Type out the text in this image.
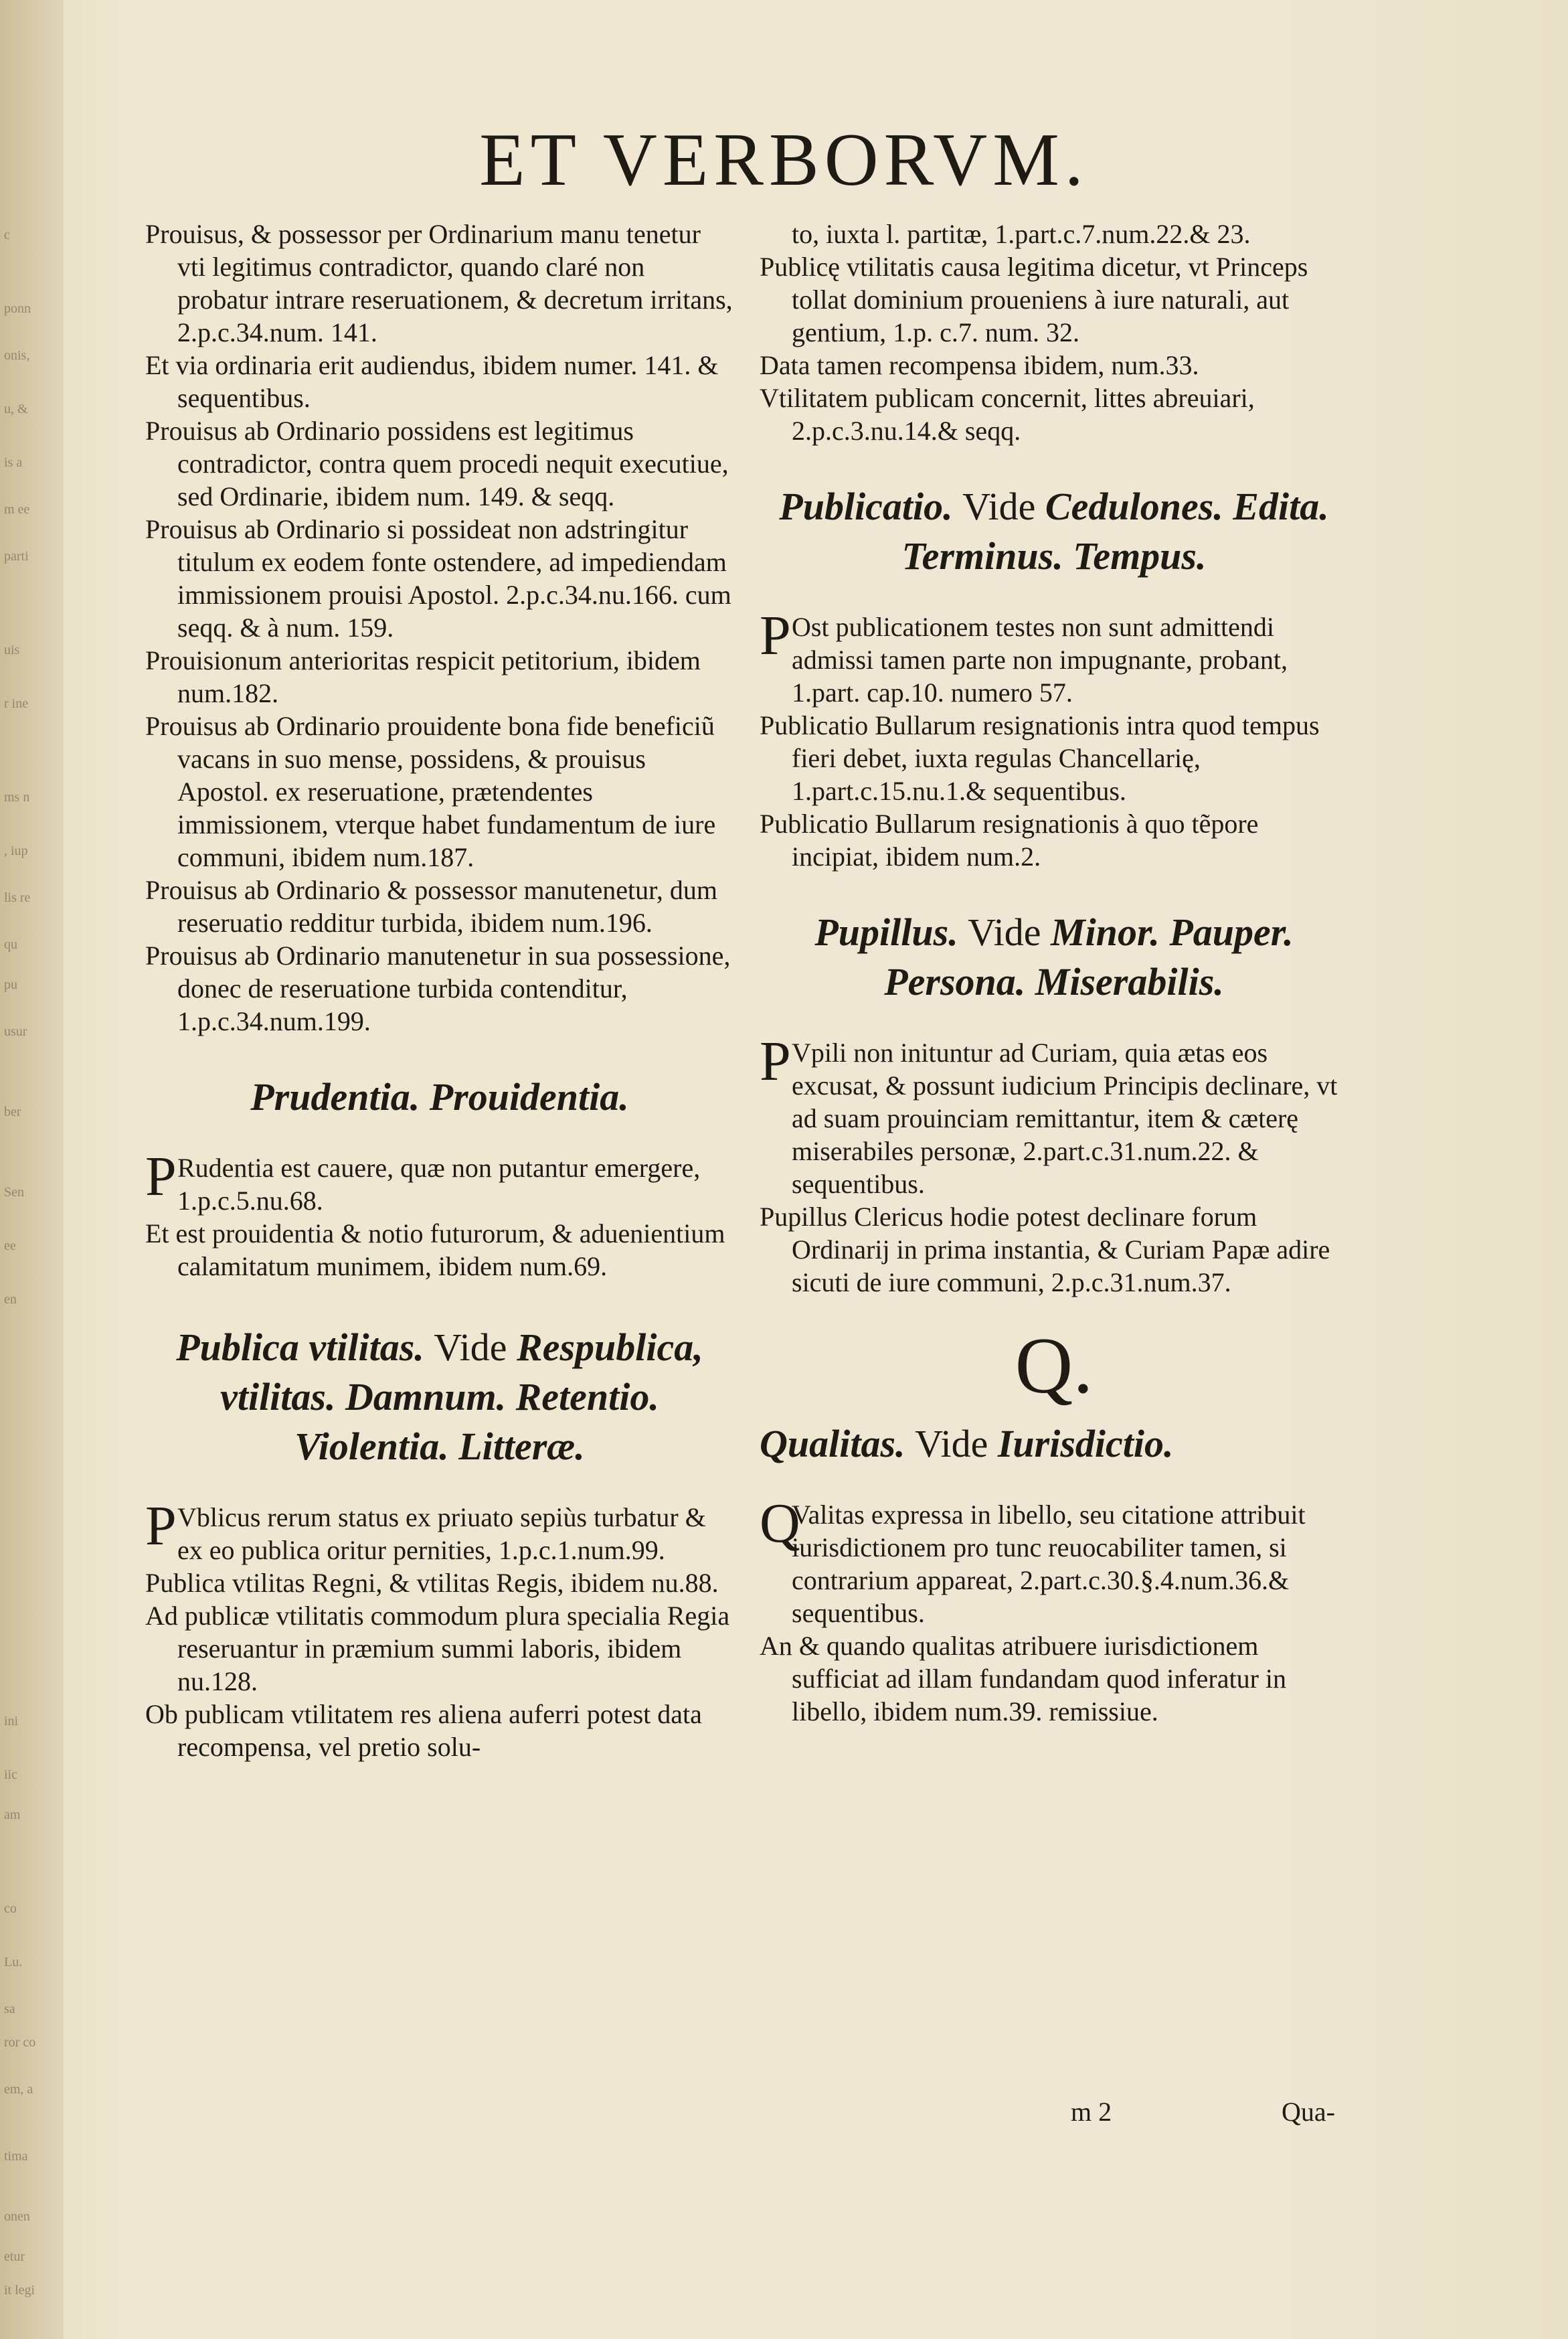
c
ponn
onis,
u, &
is a
m ee
parti
uis
r ine
ms n
, iup
lis re
qu
pu
usur
ber
Sen
ee
en
ini
iic
am
co
Lu.
sa
ror co
em, a
tima
onen
etur
it legi
ET VERBORVM.

Prouisus, & possessor per Ordinarium manu tenetur vti legitimus contradictor, quando claré non probatur intrare reseruationem, & decretum irritans, 2.p.c.34.num. 141.

Et via ordinaria erit audiendus, ibidem numer. 141. & sequentibus.

Prouisus ab Ordinario possidens est legitimus contradictor, contra quem procedi nequit executiue, sed Ordinarie, ibidem num. 149. & seqq.

Prouisus ab Ordinario si possideat non adstringitur titulum ex eodem fonte ostendere, ad impediendam immissionem prouisi Apostol. 2.p.c.34.nu.166. cum seqq. & à num. 159.

Prouisionum anterioritas respicit petitorium, ibidem num.182.

Prouisus ab Ordinario prouidente bona fide beneficiũ vacans in suo mense, possidens, & prouisus Apostol. ex reseruatione, prætendentes immissionem, vterque habet fundamentum de iure communi, ibidem num.187.

Prouisus ab Ordinario & possessor manutenetur, dum reseruatio redditur turbida, ibidem num.196.

Prouisus ab Ordinario manutenetur in sua possessione, donec de reseruatione turbida contenditur, 1.p.c.34.num.199.

Prudentia. Prouidentia.

P Rudentia est cauere, quæ non putantur emergere, 1.p.c.5.nu.68.

Et est prouidentia & notio futurorum, & aduenientium calamitatum munimem, ibidem num.69.

Publica vtilitas. Vide Respublica, vtilitas. Damnum. Retentio. Violentia. Litteræ.

P Vblicus rerum status ex priuato sepiùs turbatur & ex eo publica oritur pernities, 1.p.c.1.num.99.

Publica vtilitas Regni, & vtilitas Regis, ibidem nu.88.

Ad publicæ vtilitatis commodum plura specialia Regia reseruantur in præmium summi laboris, ibidem nu.128.

Ob publicam vtilitatem res aliena auferri potest data recompensa, vel pretio solu-

to, iuxta l. partitæ, 1.part.c.7.num.22.& 23.

Publicę vtilitatis causa legitima dicetur, vt Princeps tollat dominium proueniens à iure naturali, aut gentium, 1.p. c.7. num. 32.

Data tamen recompensa ibidem, num.33.

Vtilitatem publicam concernit, littes abreuiari, 2.p.c.3.nu.14.& seqq.

Publicatio. Vide Cedulones. Edita. Terminus. Tempus.

P Ost publicationem testes non sunt admittendi admissi tamen parte non impugnante, probant, 1.part. cap.10. numero 57.

Publicatio Bullarum resignationis intra quod tempus fieri debet, iuxta regulas Chancellarię, 1.part.c.15.nu.1.& sequentibus.

Publicatio Bullarum resignationis à quo tẽpore incipiat, ibidem num.2.

Pupillus. Vide Minor. Pauper. Persona. Miserabilis.

P Vpili non inituntur ad Curiam, quia ætas eos excusat, & possunt iudicium Principis declinare, vt ad suam prouinciam remittantur, item & cæterę miserabiles personæ, 2.part.c.31.num.22. & sequentibus.

Pupillus Clericus hodie potest declinare forum Ordinarij in prima instantia, & Curiam Papæ adire sicuti de iure communi, 2.p.c.31.num.37.

Q.

Qualitas. Vide Iurisdictio.

Q
Valitas expressa in libello, seu citatione attribuit iurisdictionem pro tunc reuocabiliter tamen, si contrarium appareat, 2.part.c.30.§.4.num.36.& sequentibus.

An & quando qualitas atribuere iurisdictionem sufficiat ad illam fundandam quod inferatur in libello, ibidem num.39. remissiue.

m 2	Qua-
